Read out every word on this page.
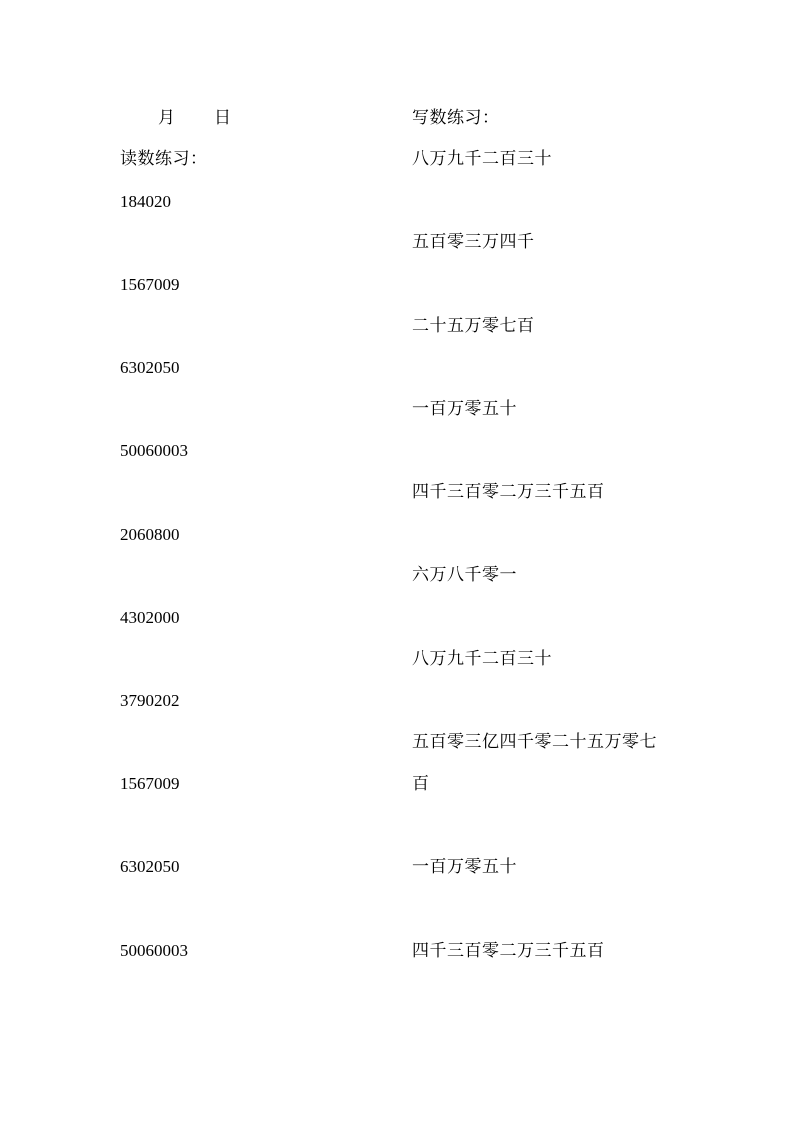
月 日	写数练习：
读数练习：
184020
1567009
6302050
50060003
2060800
4302000
3790202
1567009
6302050
50060003
八万九千二百三十
五百零三万四千
二十五万零七百
一百万零五十
四千三百零二万三千五百
六万八千零一
八万九千二百三十
五百零三亿四千零二十五万零七
百
一百万零五十
四千三百零二万三千五百
